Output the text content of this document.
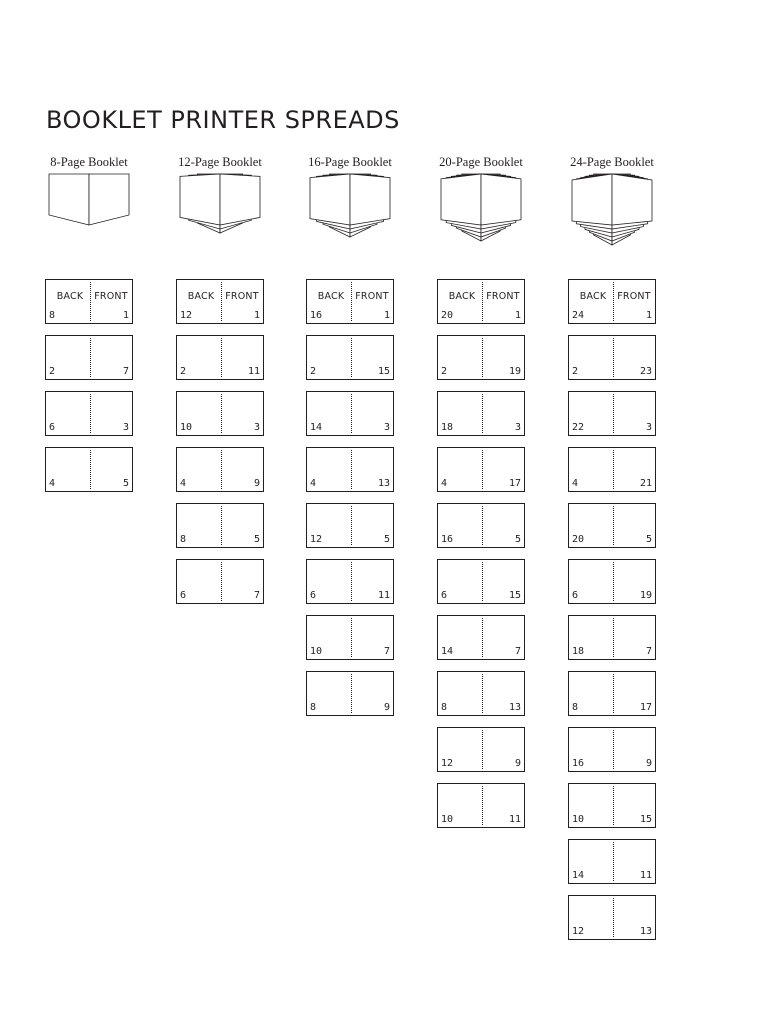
BOOKLET PRINTER SPREADS
8-Page Booklet
BACK FRONT
8	1
2	7
6	3
4	5
12-Page Booklet
BACK FRONT
12	1
2	11
10	3
4	9
8	5
6	7
16-Page Booklet
BACK FRONT
16	1
2	15
14	3
4	13
12	5
6	11
10	7
8	9
20-Page Booklet
BACK FRONT
20	1
2	19
18	3
4	17
16	5
6	15
14	7
8	13
12	9
10	11
24-Page Booklet
BACK FRONT
24	1
2	23
22	3
4	21
20	5
6	19
18	7
8	17
16	9
10	15
14	11
12	13
